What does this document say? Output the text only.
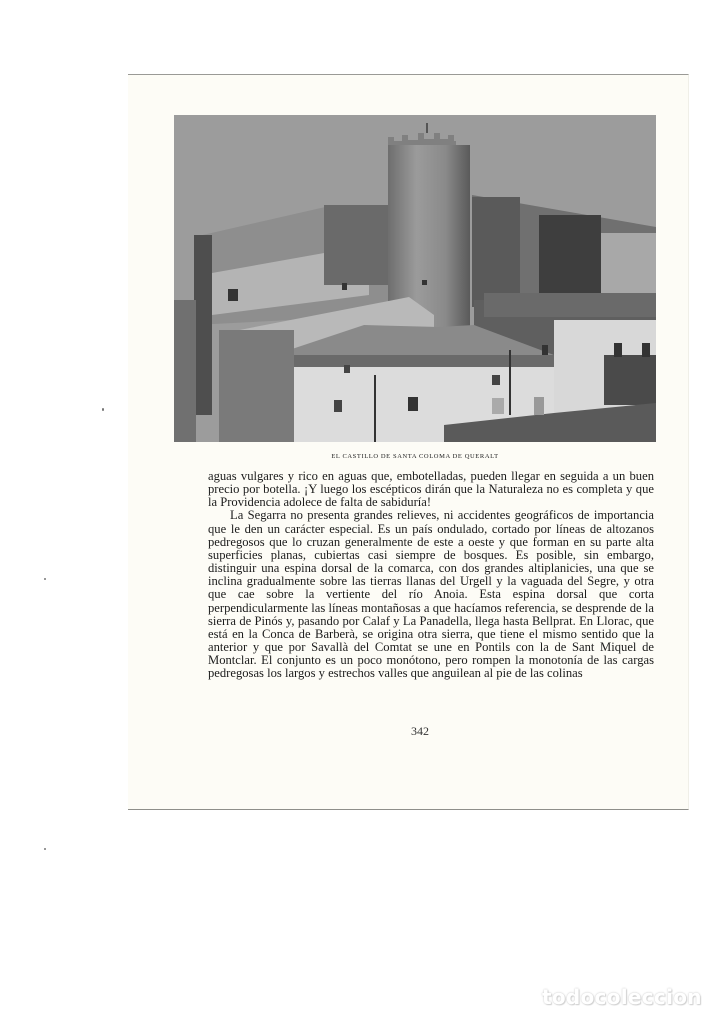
EL CASTILLO DE SANTA COLOMA DE QUERALT

aguas vulgares y rico en aguas que, embotelladas, pueden llegar en seguida a un buen precio por botella. ¡Y luego los escépticos dirán que la Naturaleza no es completa y que la Providencia adolece de falta de sabiduría!

La Segarra no presenta grandes relieves, ni accidentes geográficos de importancia que le den un carácter especial. Es un país ondulado, cortado por líneas de altozanos pedregosos que lo cruzan generalmente de este a oeste y que forman en su parte alta superficies planas, cubiertas casi siempre de bosques. Es posible, sin embargo, distinguir una espina dorsal de la comarca, con dos grandes altiplanicies, una que se inclina gradualmente sobre las tierras llanas del Urgell y la vaguada del Segre, y otra que cae sobre la vertiente del río Anoia. Esta espina dorsal que corta perpendicularmente las líneas montañosas a que hacíamos referencia, se desprende de la sierra de Pinós y, pasando por Calaf y La Panadella, llega hasta Bellprat. En Llorac, que está en la Conca de Barberà, se origina otra sierra, que tiene el mismo sentido que la anterior y que por Savallà del Comtat se une en Pontils con la de Sant Miquel de Montclar. El conjunto es un poco monótono, pero rompen la monotonía de las cargas pedregosas los largos y estrechos valles que anguilean al pie de las colinas

342
todocoleccion
